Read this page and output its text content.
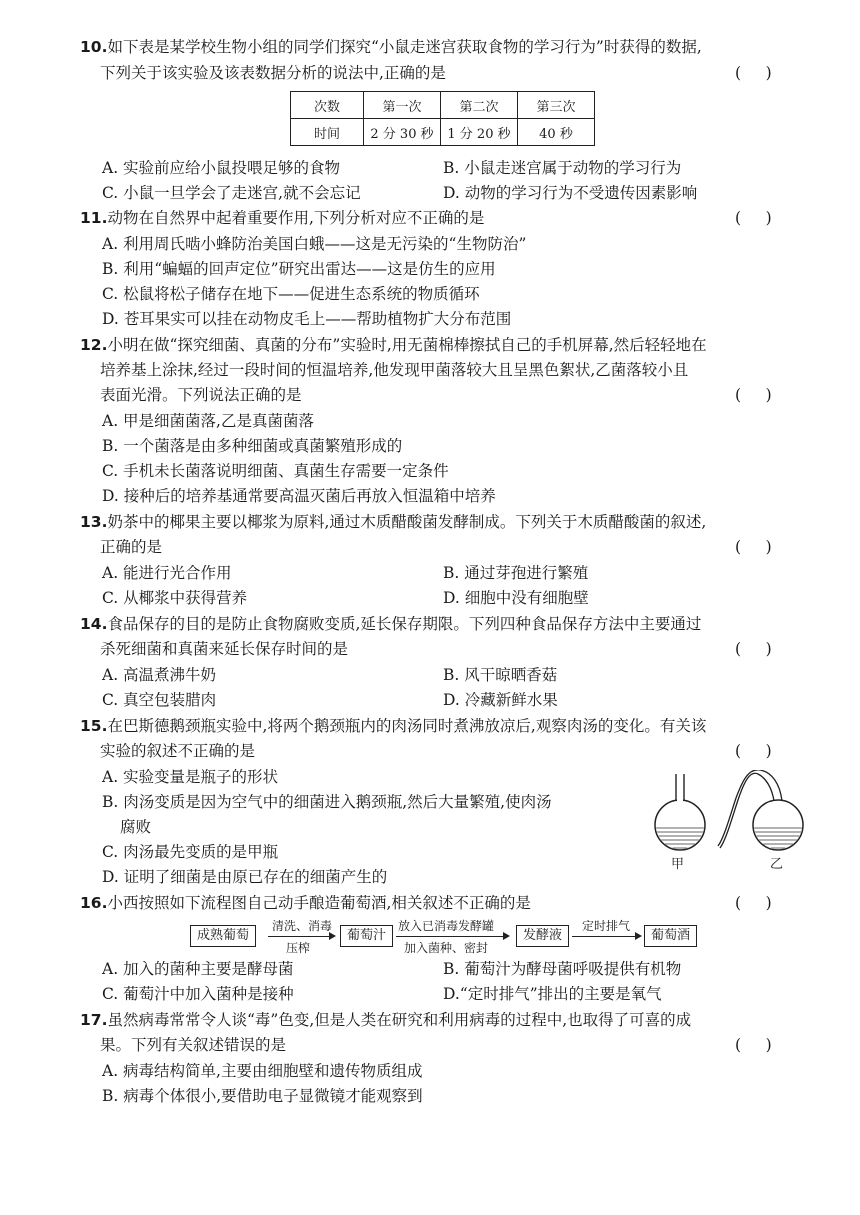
10.如下表是某学校生物小组的同学们探究“小鼠走迷宫获取食物的学习行为”时获得的数据,
下列关于该实验及该表数据分析的说法中,正确的是	(     )
次数	第一次	第二次	第三次
时间	2 分 30 秒	1 分 20 秒	40 秒
A. 实验前应给小鼠投喂足够的食物	B. 小鼠走迷宫属于动物的学习行为
C. 小鼠一旦学会了走迷宫,就不会忘记	D. 动物的学习行为不受遗传因素影响
11.动物在自然界中起着重要作用,下列分析对应不正确的是	(     )
A. 利用周氏啮小蜂防治美国白蛾——这是无污染的“生物防治”
B. 利用“蝙蝠的回声定位”研究出雷达——这是仿生的应用
C. 松鼠将松子储存在地下——促进生态系统的物质循环
D. 苍耳果实可以挂在动物皮毛上——帮助植物扩大分布范围
12.小明在做“探究细菌、真菌的分布”实验时,用无菌棉棒擦拭自己的手机屏幕,然后轻轻地在
培养基上涂抹,经过一段时间的恒温培养,他发现甲菌落较大且呈黑色絮状,乙菌落较小且
表面光滑。下列说法正确的是	(     )
A. 甲是细菌菌落,乙是真菌菌落
B. 一个菌落是由多种细菌或真菌繁殖形成的
C. 手机未长菌落说明细菌、真菌生存需要一定条件
D. 接种后的培养基通常要高温灭菌后再放入恒温箱中培养
13.奶茶中的椰果主要以椰浆为原料,通过木质醋酸菌发酵制成。下列关于木质醋酸菌的叙述,
正确的是	(     )
A. 能进行光合作用	B. 通过芽孢进行繁殖
C. 从椰浆中获得营养	D. 细胞中没有细胞壁
14.食品保存的目的是防止食物腐败变质,延长保存期限。下列四种食品保存方法中主要通过
杀死细菌和真菌来延长保存时间的是	(     )
A. 高温煮沸牛奶	B. 风干晾晒香菇
C. 真空包装腊肉	D. 冷藏新鲜水果
15.在巴斯德鹅颈瓶实验中,将两个鹅颈瓶内的肉汤同时煮沸放凉后,观察肉汤的变化。有关该
实验的叙述不正确的是	(     )
A. 实验变量是瓶子的形状
B. 肉汤变质是因为空气中的细菌进入鹅颈瓶,然后大量繁殖,使肉汤
腐败
C. 肉汤最先变质的是甲瓶
D. 证明了细菌是由原已存在的细菌产生的
甲	乙
16.小西按照如下流程图自己动手酿造葡萄酒,相关叙述不正确的是	(     )
成熟葡萄
清洗、消毒
压榨
葡萄汁
放入已消毒发酵罐
加入菌种、密封
发酵液
定时排气
葡萄酒
A. 加入的菌种主要是酵母菌	B. 葡萄汁为酵母菌呼吸提供有机物
C. 葡萄汁中加入菌种是接种	D.“定时排气”排出的主要是氧气
17.虽然病毒常常令人谈“毒”色变,但是人类在研究和利用病毒的过程中,也取得了可喜的成
果。下列有关叙述错误的是	(     )
A. 病毒结构简单,主要由细胞壁和遗传物质组成
B. 病毒个体很小,要借助电子显微镜才能观察到
